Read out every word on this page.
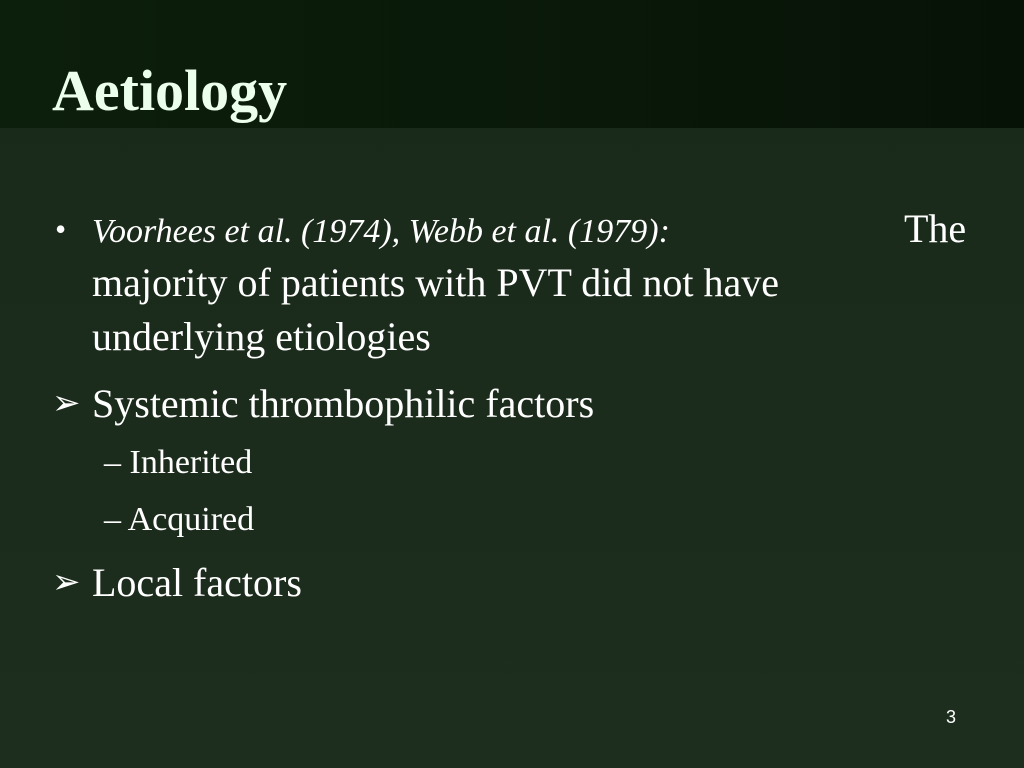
Aetiology
• Voorhees et al. (1974), Webb et al. (1979):	The
majority of patients with PVT did not have
underlying etiologies
➢ Systemic thrombophilic factors
– Inherited
– Acquired
➢ Local factors
3
